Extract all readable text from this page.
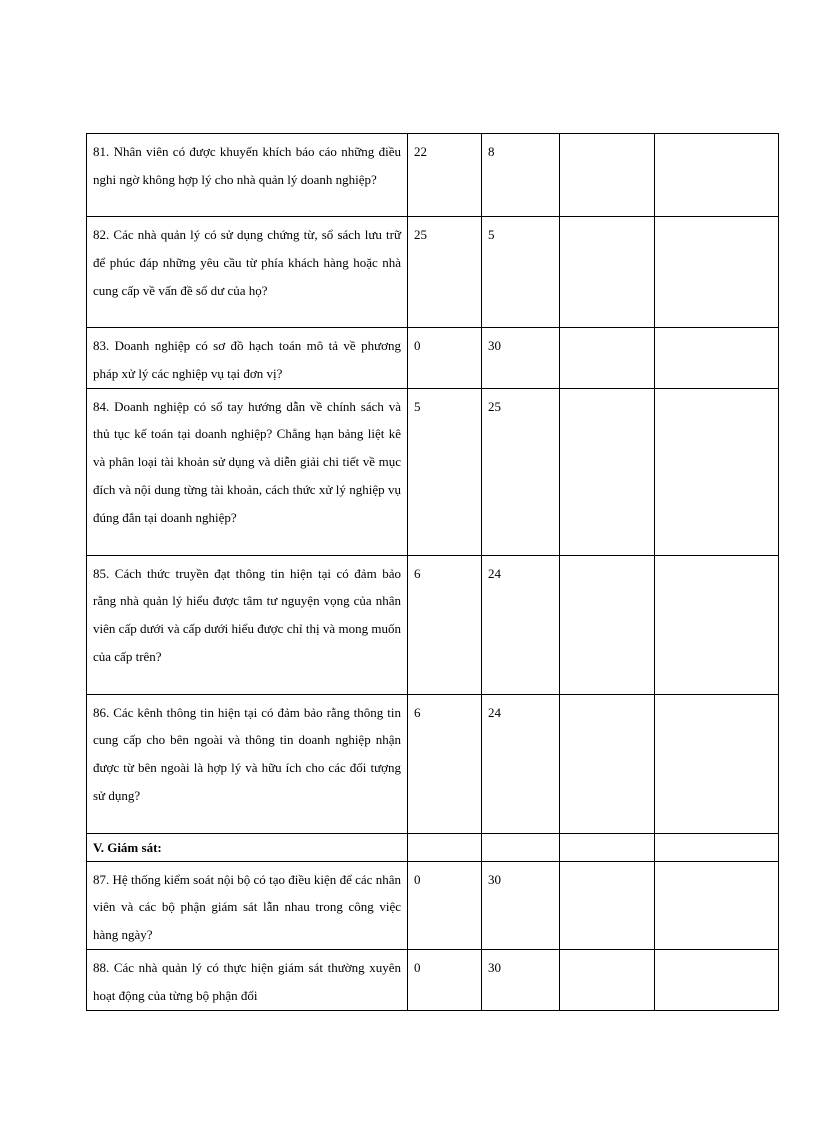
81. Nhân viên có được khuyến khích báo cáo những điều nghi ngờ không hợp lý cho nhà quản lý doanh nghiệp?	22	8		
82. Các nhà quản lý có sử dụng chứng từ, sổ sách lưu trữ để phúc đáp những yêu cầu từ phía khách hàng hoặc nhà cung cấp về vấn đề số dư của họ?	25	5		
83. Doanh nghiệp có sơ đồ hạch toán mô tả về phương pháp xử lý các nghiệp vụ tại đơn vị?	0	30		
84. Doanh nghiệp có sổ tay hướng dẫn về chính sách và thủ tục kế toán tại doanh nghiệp? Chẳng hạn bảng liệt kê và phân loại tài khoản sử dụng và diễn giải chi tiết về mục đích và nội dung từng tài khoản, cách thức xử lý nghiệp vụ đúng đắn tại doanh nghiệp?	5	25		
85. Cách thức truyền đạt thông tin hiện tại có đảm bảo rằng nhà quản lý hiểu được tâm tư nguyện vọng của nhân viên cấp dưới và cấp dưới hiểu được chỉ thị và mong muốn của cấp trên?	6	24		
86. Các kênh thông tin hiện tại có đảm bảo rằng thông tin cung cấp cho bên ngoài và thông tin doanh nghiệp nhận được từ bên ngoài là hợp lý và hữu ích cho các đối tượng sử dụng?	6	24		
V. Giám sát:				
87. Hệ thống kiểm soát nội bộ có tạo điều kiện để các nhân viên và các bộ phận giám sát lẫn nhau trong công việc hàng ngày?	0	30		
88. Các nhà quản lý có thực hiện giám sát thường xuyên hoạt động của từng bộ phận đối	0	30		
